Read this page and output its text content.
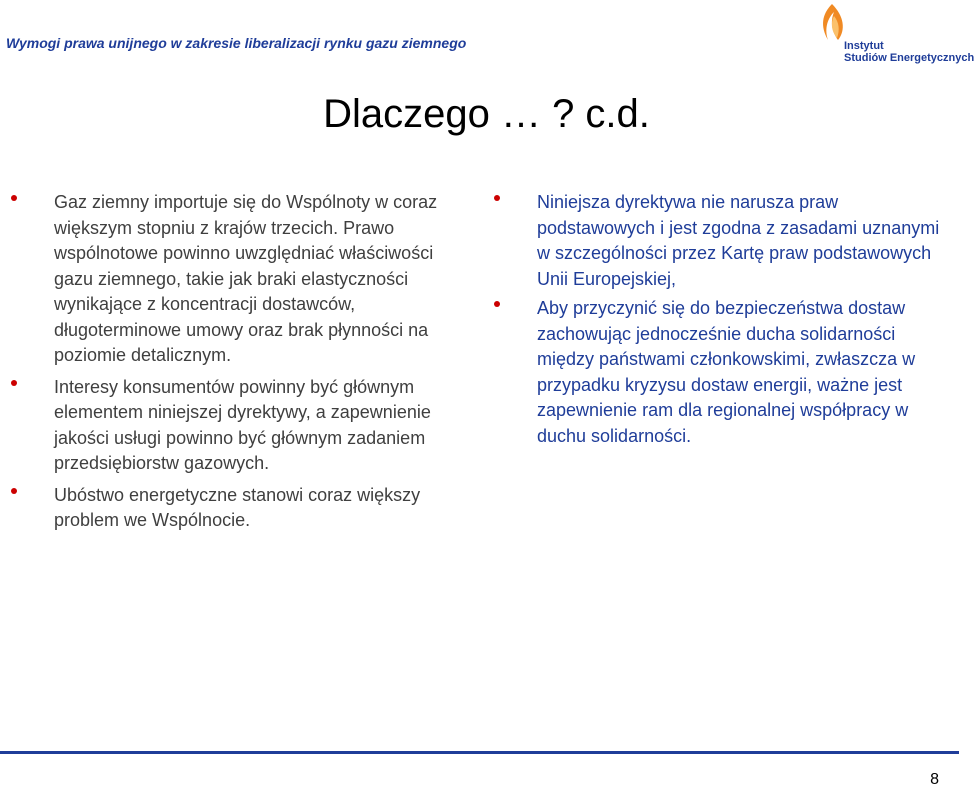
Wymogi prawa unijnego w zakresie liberalizacji rynku gazu ziemnego	Instytut
Studiów Energetycznych
Dlaczego … ? c.d.
Gaz ziemny importuje się do Wspólnoty w coraz większym stopniu z krajów trzecich. Prawo wspólnotowe powinno uwzględniać właściwości gazu ziemnego, takie jak braki elastyczności wynikające z koncentracji dostawców, długoterminowe umowy oraz brak płynności na poziomie detalicznym.
Interesy konsumentów powinny być głównym elementem niniejszej dyrektywy, a zapewnienie jakości usługi powinno być głównym zadaniem przedsiębiorstw gazowych.
Ubóstwo energetyczne stanowi coraz większy problem we Wspólnocie.
Niniejsza dyrektywa nie narusza praw podstawowych i jest zgodna z zasadami uznanymi w szczególności przez Kartę praw podstawowych Unii Europejskiej,
Aby przyczynić się do bezpieczeństwa dostaw zachowując jednocześnie ducha solidarności między państwami członkowskimi, zwłaszcza w przypadku kryzysu dostaw energii, ważne jest zapewnienie ram dla regionalnej współpracy w duchu solidarności.
8
